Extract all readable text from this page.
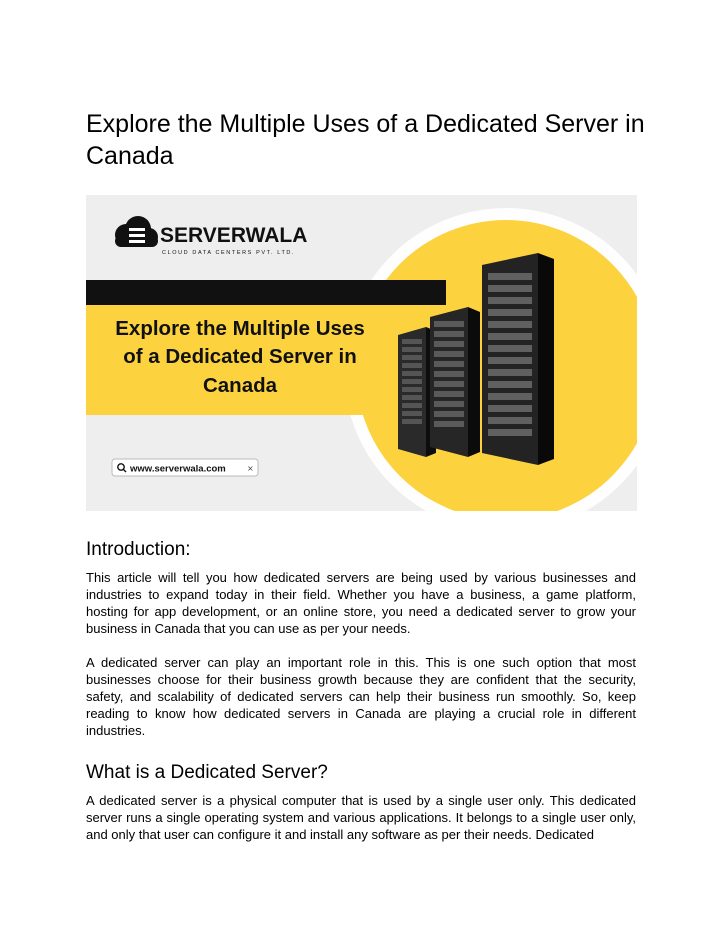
Explore the Multiple Uses of a Dedicated Server in Canada
SERVERWALA
CLOUD DATA CENTERS PVT. LTD.
Explore the Multiple Uses
of a Dedicated Server in
Canada
www.serverwala.com	×
Introduction:

This article will tell you how dedicated servers are being used by various businesses and industries to expand today in their field. Whether you have a business, a game platform, hosting for app development, or an online store, you need a dedicated server to grow your business in Canada that you can use as per your needs.

A dedicated server can play an important role in this. This is one such option that most businesses choose for their business growth because they are confident that the security, safety, and scalability of dedicated servers can help their business run smoothly. So, keep reading to know how dedicated servers in Canada are playing a crucial role in different industries.

What is a Dedicated Server?

A dedicated server is a physical computer that is used by a single user only. This dedicated server runs a single operating system and various applications. It belongs to a single user only, and only that user can configure it and install any software as per their needs. Dedicated
